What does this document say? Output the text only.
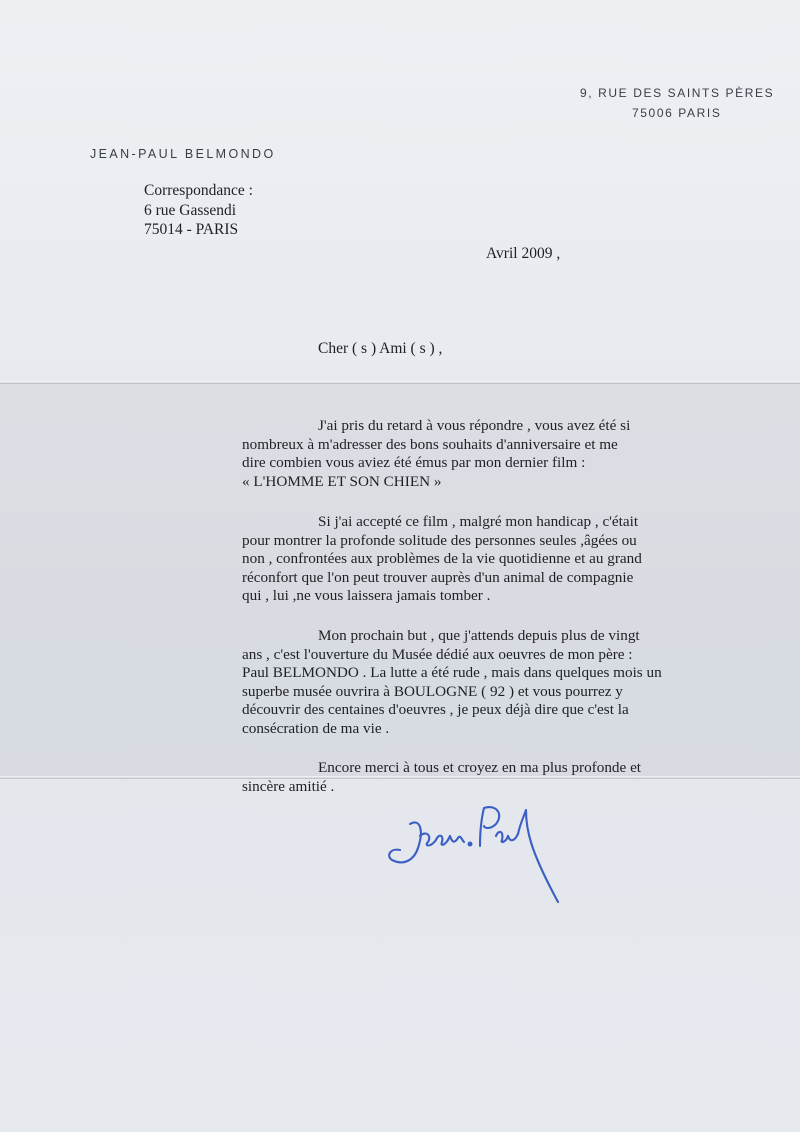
9, RUE DES SAINTS PÈRES
75006 PARIS
JEAN-PAUL BELMONDO
Correspondance :
6 rue Gassendi
75014 - PARIS
Avril 2009 ,
Cher ( s ) Ami ( s ) ,
J'ai pris du retard à vous répondre , vous avez été si
nombreux à m'adresser des bons souhaits d'anniversaire et me
dire combien vous aviez été émus par mon dernier film :
« L'HOMME ET SON CHIEN »
Si j'ai accepté ce film , malgré mon handicap , c'était
pour montrer la profonde solitude des personnes seules ,âgées ou
non , confrontées aux problèmes de la vie quotidienne et au grand
réconfort que l'on peut trouver auprès d'un animal de compagnie
qui , lui ,ne vous laissera jamais tomber .
Mon prochain but , que j'attends depuis plus de vingt
ans , c'est l'ouverture du Musée dédié aux oeuvres de mon père :
Paul BELMONDO . La lutte a été rude , mais dans quelques mois un
superbe musée ouvrira à BOULOGNE ( 92 ) et vous pourrez y
découvrir des centaines d'oeuvres , je peux déjà dire que c'est la
consécration de ma vie .
Encore merci à tous et croyez en ma plus profonde et
sincère amitié .
